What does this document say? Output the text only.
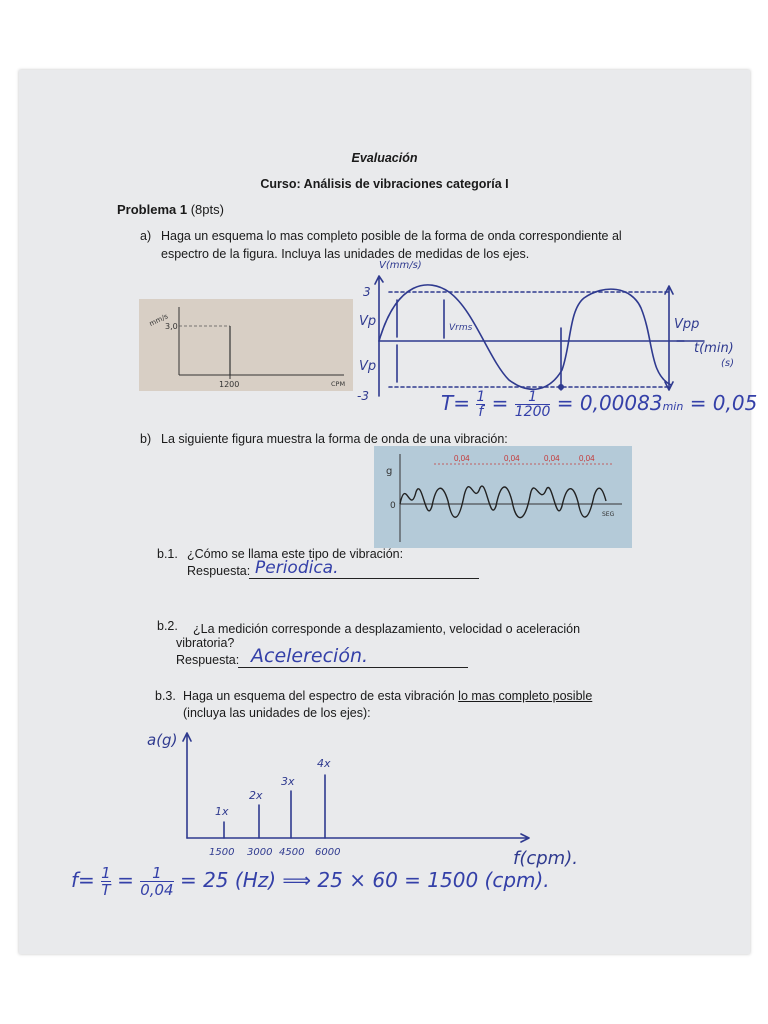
Evaluación
Curso: Análisis de vibraciones categoría I
Problema 1 (8pts)
a) Haga un esquema lo mas completo posible de la forma de onda correspondiente al
espectro de la figura. Incluya las unidades de medidas de los ejes.
mm/s
3,0
1200	CPM
V(mm/s)
3
-3
Vp
Vp
Vrms	Vpp
t(min)
(s)
$T= \frac{1}{f} = \frac{1}{1200} = 0,00083\min = 0,05$
b) La siguiente figura muestra la forma de onda de una vibración:
g
0
SEG
0,04	0,04	0,04 0,04
b.1. ¿Cómo se llama este tipo de vibración:
Respuesta: Periodica.
b.2. ¿La medición corresponde a desplazamiento, velocidad o aceleración
vibratoria?
Respuesta: Acelereción.
b.3. Haga un esquema del espectro de esta vibración lo mas completo posible
(incluya las unidades de los ejes):
a(g)
1x
2x
3x
4x
1500 3000 4500 6000	f(cpm).
$f= \frac{1}{T} = \frac{1}{0,04} = 25$ (Hz) ⟹ 25 × 60 = 1500 (cpm).
